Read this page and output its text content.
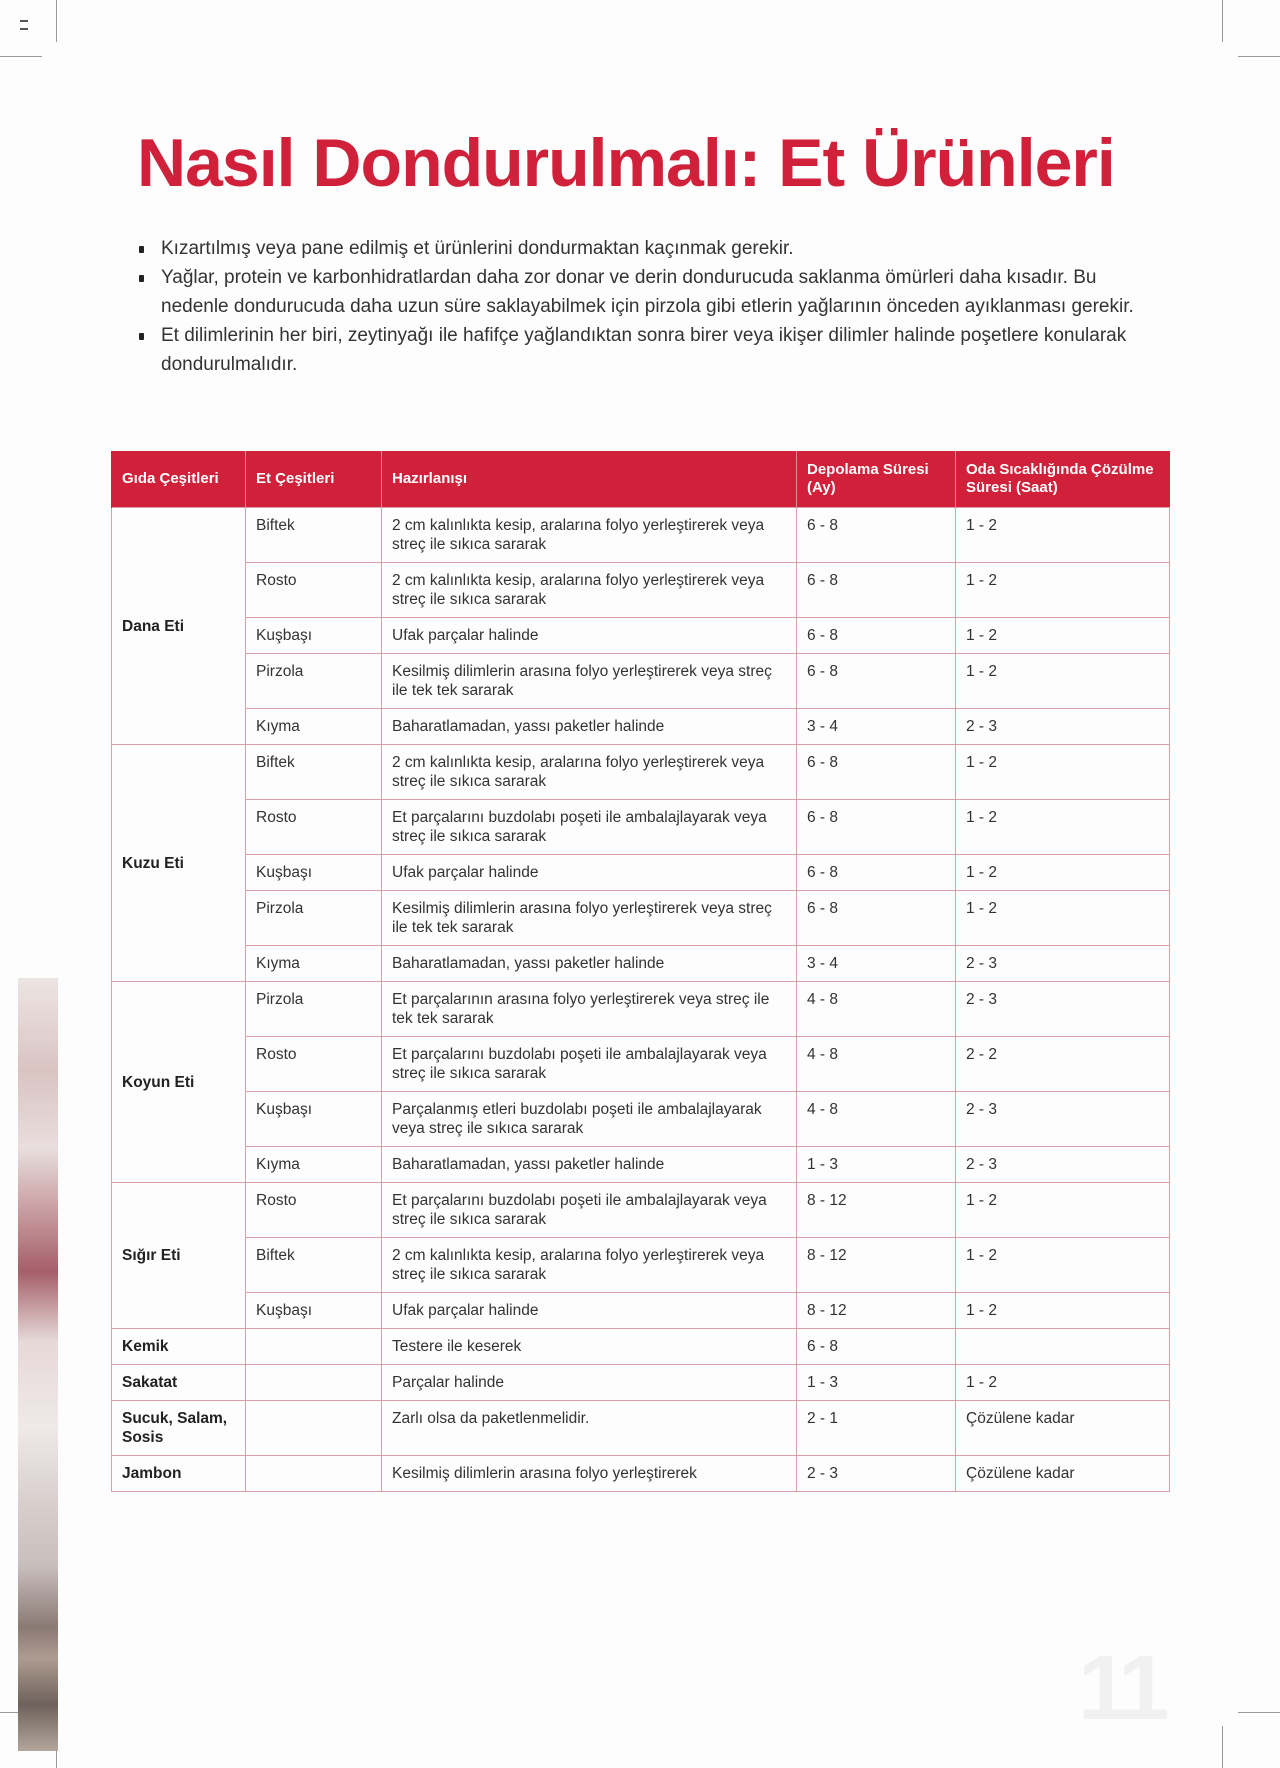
Nasıl Dondurulmalı: Et Ürünleri
Kızartılmış veya pane edilmiş et ürünlerini dondurmaktan kaçınmak gerekir.
Yağlar, protein ve karbonhidratlardan daha zor donar ve derin dondurucuda saklanma ömürleri daha kısadır. Bu nedenle dondurucuda daha uzun süre saklayabilmek için pirzola gibi etlerin yağlarının önceden ayıklanması gerekir.
Et dilimlerinin her biri, zeytinyağı ile hafifçe yağlandıktan sonra birer veya ikişer dilimler halinde poşetlere konularak dondurulmalıdır.
Gıda Çeşitleri	Et Çeşitleri	Hazırlanışı	Depolama Süresi (Ay)	Oda Sıcaklığında Çözülme Süresi (Saat)
Dana Eti	Biftek	2 cm kalınlıkta kesip, aralarına folyo yerleştirerek veya streç ile sıkıca sararak	6 - 8	1 - 2
	Rosto	2 cm kalınlıkta kesip, aralarına folyo yerleştirerek veya streç ile sıkıca sararak	6 - 8	1 - 2
	Kuşbaşı	Ufak parçalar halinde	6 - 8	1 - 2
	Pirzola	Kesilmiş dilimlerin arasına folyo yerleştirerek veya streç ile tek tek sararak	6 - 8	1 - 2
	Kıyma	Baharatlamadan, yassı paketler halinde	3 - 4	2 - 3
Kuzu Eti	Biftek	2 cm kalınlıkta kesip, aralarına folyo yerleştirerek veya streç ile sıkıca sararak	6 - 8	1 - 2
	Rosto	Et parçalarını buzdolabı poşeti ile ambalajlayarak veya streç ile sıkıca sararak	6 - 8	1 - 2
	Kuşbaşı	Ufak parçalar halinde	6 - 8	1 - 2
	Pirzola	Kesilmiş dilimlerin arasına folyo yerleştirerek veya streç ile tek tek sararak	6 - 8	1 - 2
	Kıyma	Baharatlamadan, yassı paketler halinde	3 - 4	2 - 3
Koyun Eti	Pirzola	Et parçalarının arasına folyo yerleştirerek veya streç ile tek tek sararak	4 - 8	2 - 3
	Rosto	Et parçalarını buzdolabı poşeti ile ambalajlayarak veya streç ile sıkıca sararak	4 - 8	2 - 2
	Kuşbaşı	Parçalanmış etleri buzdolabı poşeti ile ambalajlayarak veya streç ile sıkıca sararak	4 - 8	2 - 3
	Kıyma	Baharatlamadan, yassı paketler halinde	1 - 3	2 - 3
Sığır Eti	Rosto	Et parçalarını buzdolabı poşeti ile ambalajlayarak veya streç ile sıkıca sararak	8 - 12	1 - 2
	Biftek	2 cm kalınlıkta kesip, aralarına folyo yerleştirerek veya streç ile sıkıca sararak	8 - 12	1 - 2
	Kuşbaşı	Ufak parçalar halinde	8 - 12	1 - 2
Kemik		Testere ile keserek	6 - 8	
Sakatat		Parçalar halinde	1 - 3	1 - 2
Sucuk, Salam, Sosis		Zarlı olsa da paketlenmelidir.	2 - 1	Çözülene kadar
Jambon		Kesilmiş dilimlerin arasına folyo yerleştirerek	2 - 3	Çözülene kadar
11
